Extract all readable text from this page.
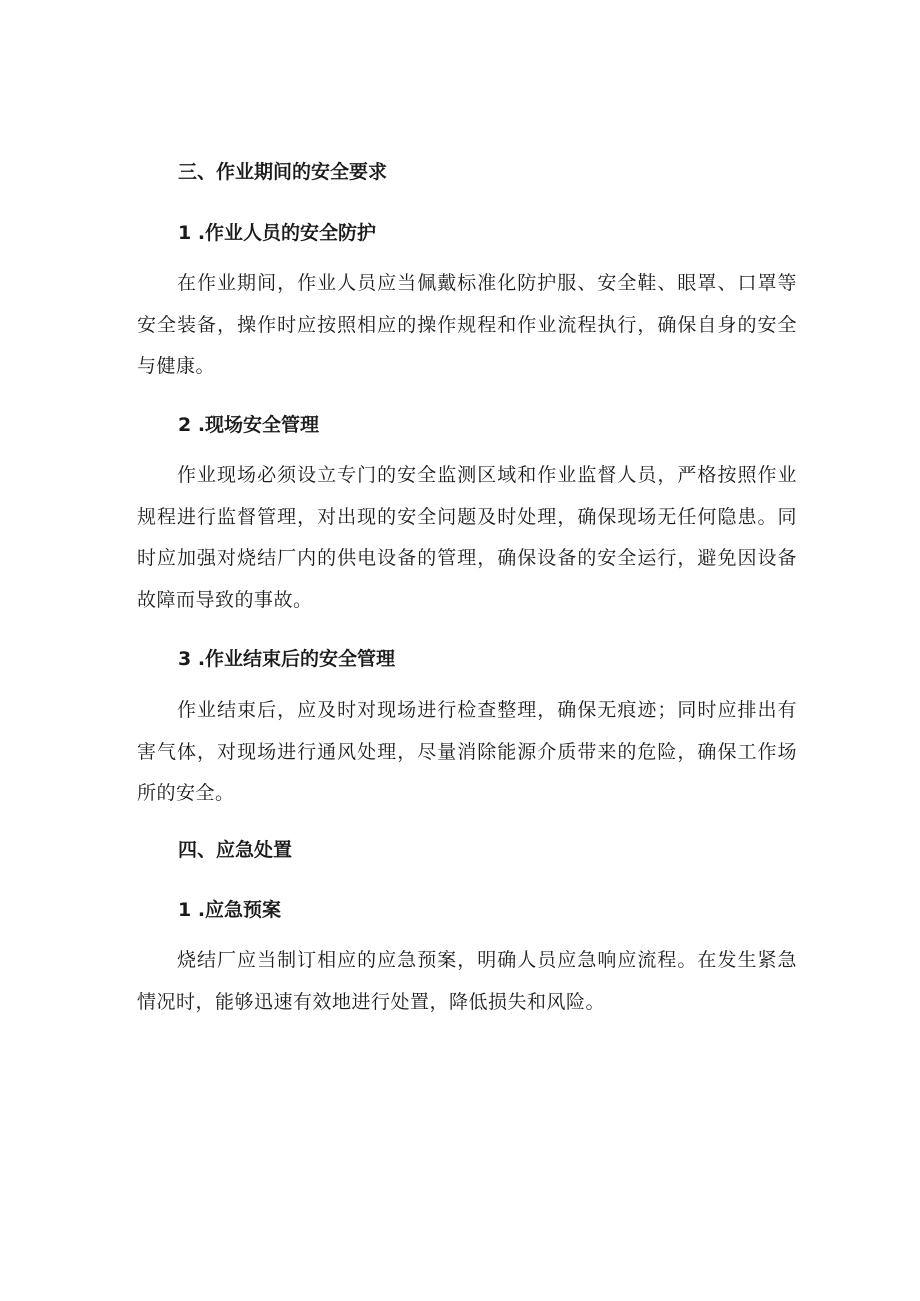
三、作业期间的安全要求
1 .作业人员的安全防护

在作业期间，作业人员应当佩戴标准化防护服、安全鞋、眼罩、口罩等安全装备，操作时应按照相应的操作规程和作业流程执行，确保自身的安全与健康。

2 .现场安全管理

作业现场必须设立专门的安全监测区域和作业监督人员，严格按照作业规程进行监督管理，对出现的安全问题及时处理，确保现场无任何隐患。同时应加强对烧结厂内的供电设备的管理，确保设备的安全运行，避免因设备故障而导致的事故。

3 .作业结束后的安全管理

作业结束后，应及时对现场进行检查整理，确保无痕迹；同时应排出有害气体，对现场进行通风处理，尽量消除能源介质带来的危险，确保工作场所的安全。

四、应急处置
1 .应急预案

烧结厂应当制订相应的应急预案，明确人员应急响应流程。在发生紧急情况时，能够迅速有效地进行处置，降低损失和风险。
